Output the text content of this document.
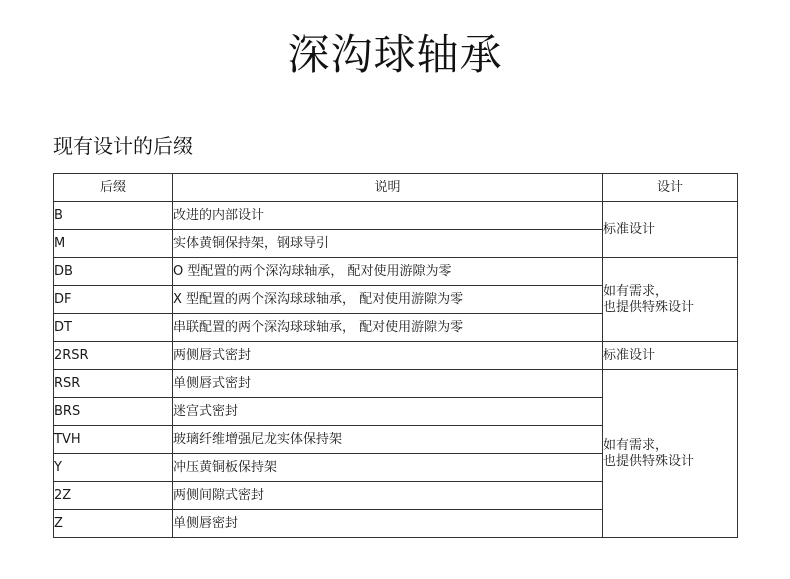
深沟球轴承
现有设计的后缀
后缀	说明	设计
B	改进的内部设计	标准设计

M	实体黄铜保持架，钢球导引	
DB	O 型配置的两个深沟球轴承， 配对使用游隙为零	如有需求，
也提供特殊设计

DF	X 型配置的两个深沟球球轴承， 配对使用游隙为零	
DT	串联配置的两个深沟球球轴承， 配对使用游隙为零	
2RSR	两侧唇式密封	标准设计

RSR	单侧唇式密封	如有需求，
也提供特殊设计

BRS	迷宫式密封	
TVH	玻璃纤维增强尼龙实体保持架	
Y	冲压黄铜板保持架	
2Z	两侧间隙式密封	
Z	单侧唇密封	
